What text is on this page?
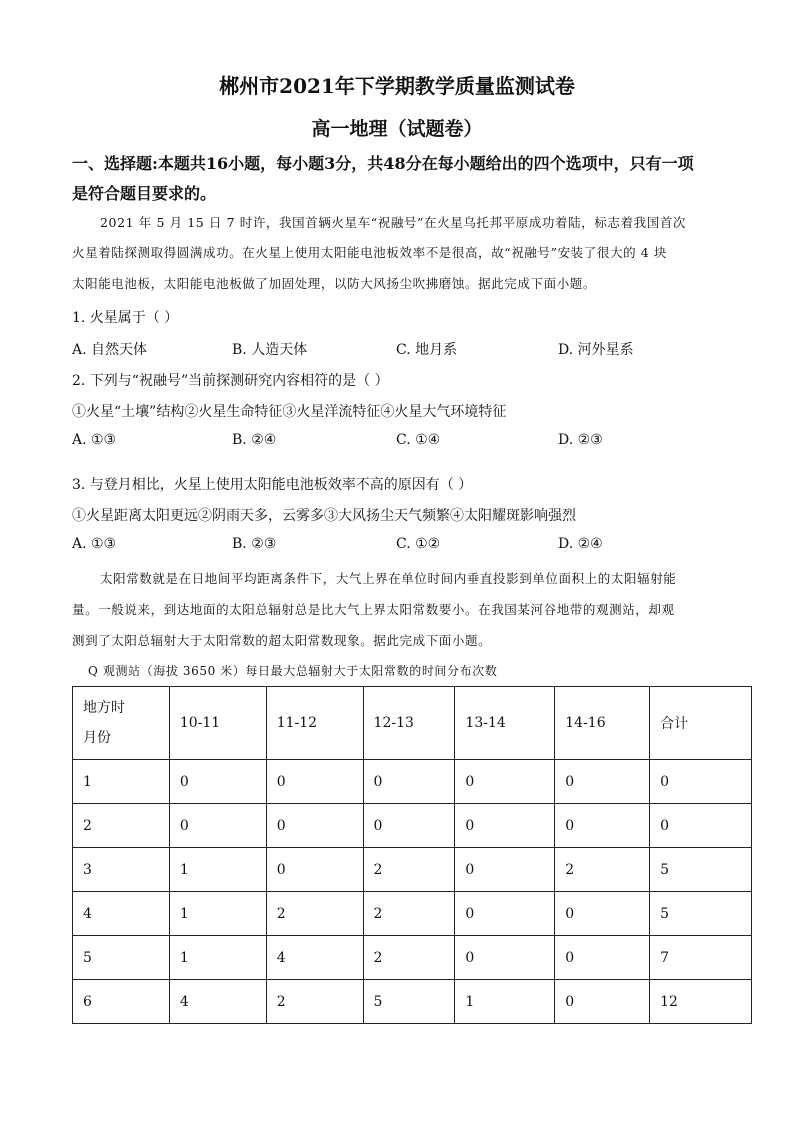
郴州市2021年下学期教学质量监测试卷
高一地理（试题卷）
一、选择题:本题共16小题，每小题3分，共48分在每小题给出的四个选项中，只有一项
是符合题目要求的。
2021 年 5 月 15 日 7 时许，我国首辆火星车“祝融号”在火星乌托邦平原成功着陆，标志着我国首次
火星着陆探测取得圆满成功。在火星上使用太阳能电池板效率不是很高，故“祝融号”安装了很大的 4 块
太阳能电池板，太阳能电池板做了加固处理，以防大风扬尘吹拂磨蚀。据此完成下面小题。
1. 火星属于（ ）
A. 自然天体	B. 人造天体	C. 地月系	D. 河外星系
2. 下列与“祝融号”当前探测研究内容相符的是（ ）
①火星“土壤”结构②火星生命特征③火星洋流特征④火星大气环境特征
A. ①③	B. ②④	C. ①④	D. ②③
3. 与登月相比，火星上使用太阳能电池板效率不高的原因有（ ）
①火星距离太阳更远②阴雨天多，云雾多③大风扬尘天气频繁④太阳耀斑影响强烈
A. ①③	B. ②③	C. ①②	D. ②④
太阳常数就是在日地间平均距离条件下，大气上界在单位时间内垂直投影到单位面积上的太阳辐射能
量。一般说来，到达地面的太阳总辐射总是比大气上界太阳常数要小。在我国某河谷地带的观测站，却观
测到了太阳总辐射大于太阳常数的超太阳常数现象。据此完成下面小题。
Q 观测站（海拔 3650 米）每日最大总辐射大于太阳常数的时间分布次数
地方时
月份	10-11	11-12	12-13	13-14	14-16	合计
1	0	0	0	0	0	0
2	0	0	0	0	0	0
3	1	0	2	0	2	5
4	1	2	2	0	0	5
5	1	4	2	0	0	7
6	4	2	5	1	0	12
